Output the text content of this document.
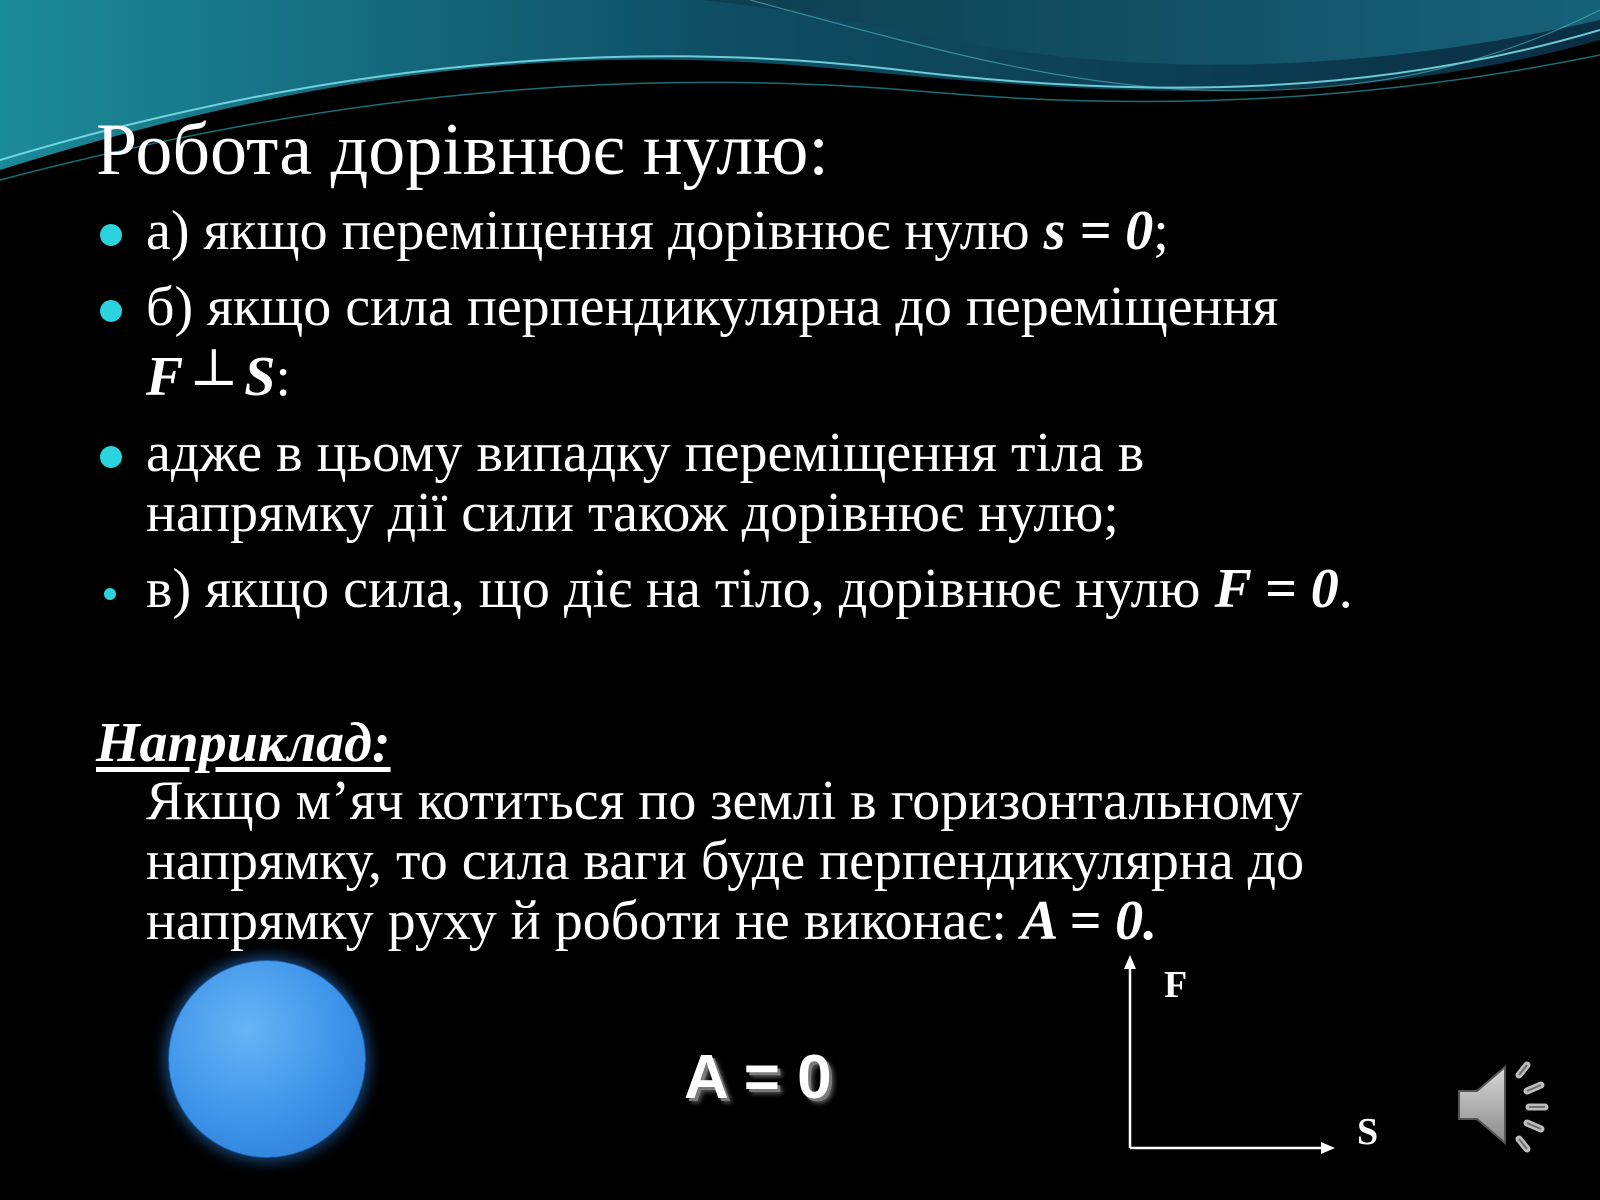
Робота дорівнює нулю:
а) якщо переміщення дорівнює нулю s = 0;
б) якщо сила перпендикулярна до переміщення
F ⊥ S:
адже в цьому випадку переміщення тіла в
напрямку дії сили також дорівнює нулю;
в) якщо сила, що діє на тіло, дорівнює нулю F = 0.
Наприклад:
Якщо м’яч котиться по землі в горизонтальному
напрямку, то сила ваги буде перпендикулярна до
напрямку руху й роботи не виконає: A = 0.
A = 0
F
S
